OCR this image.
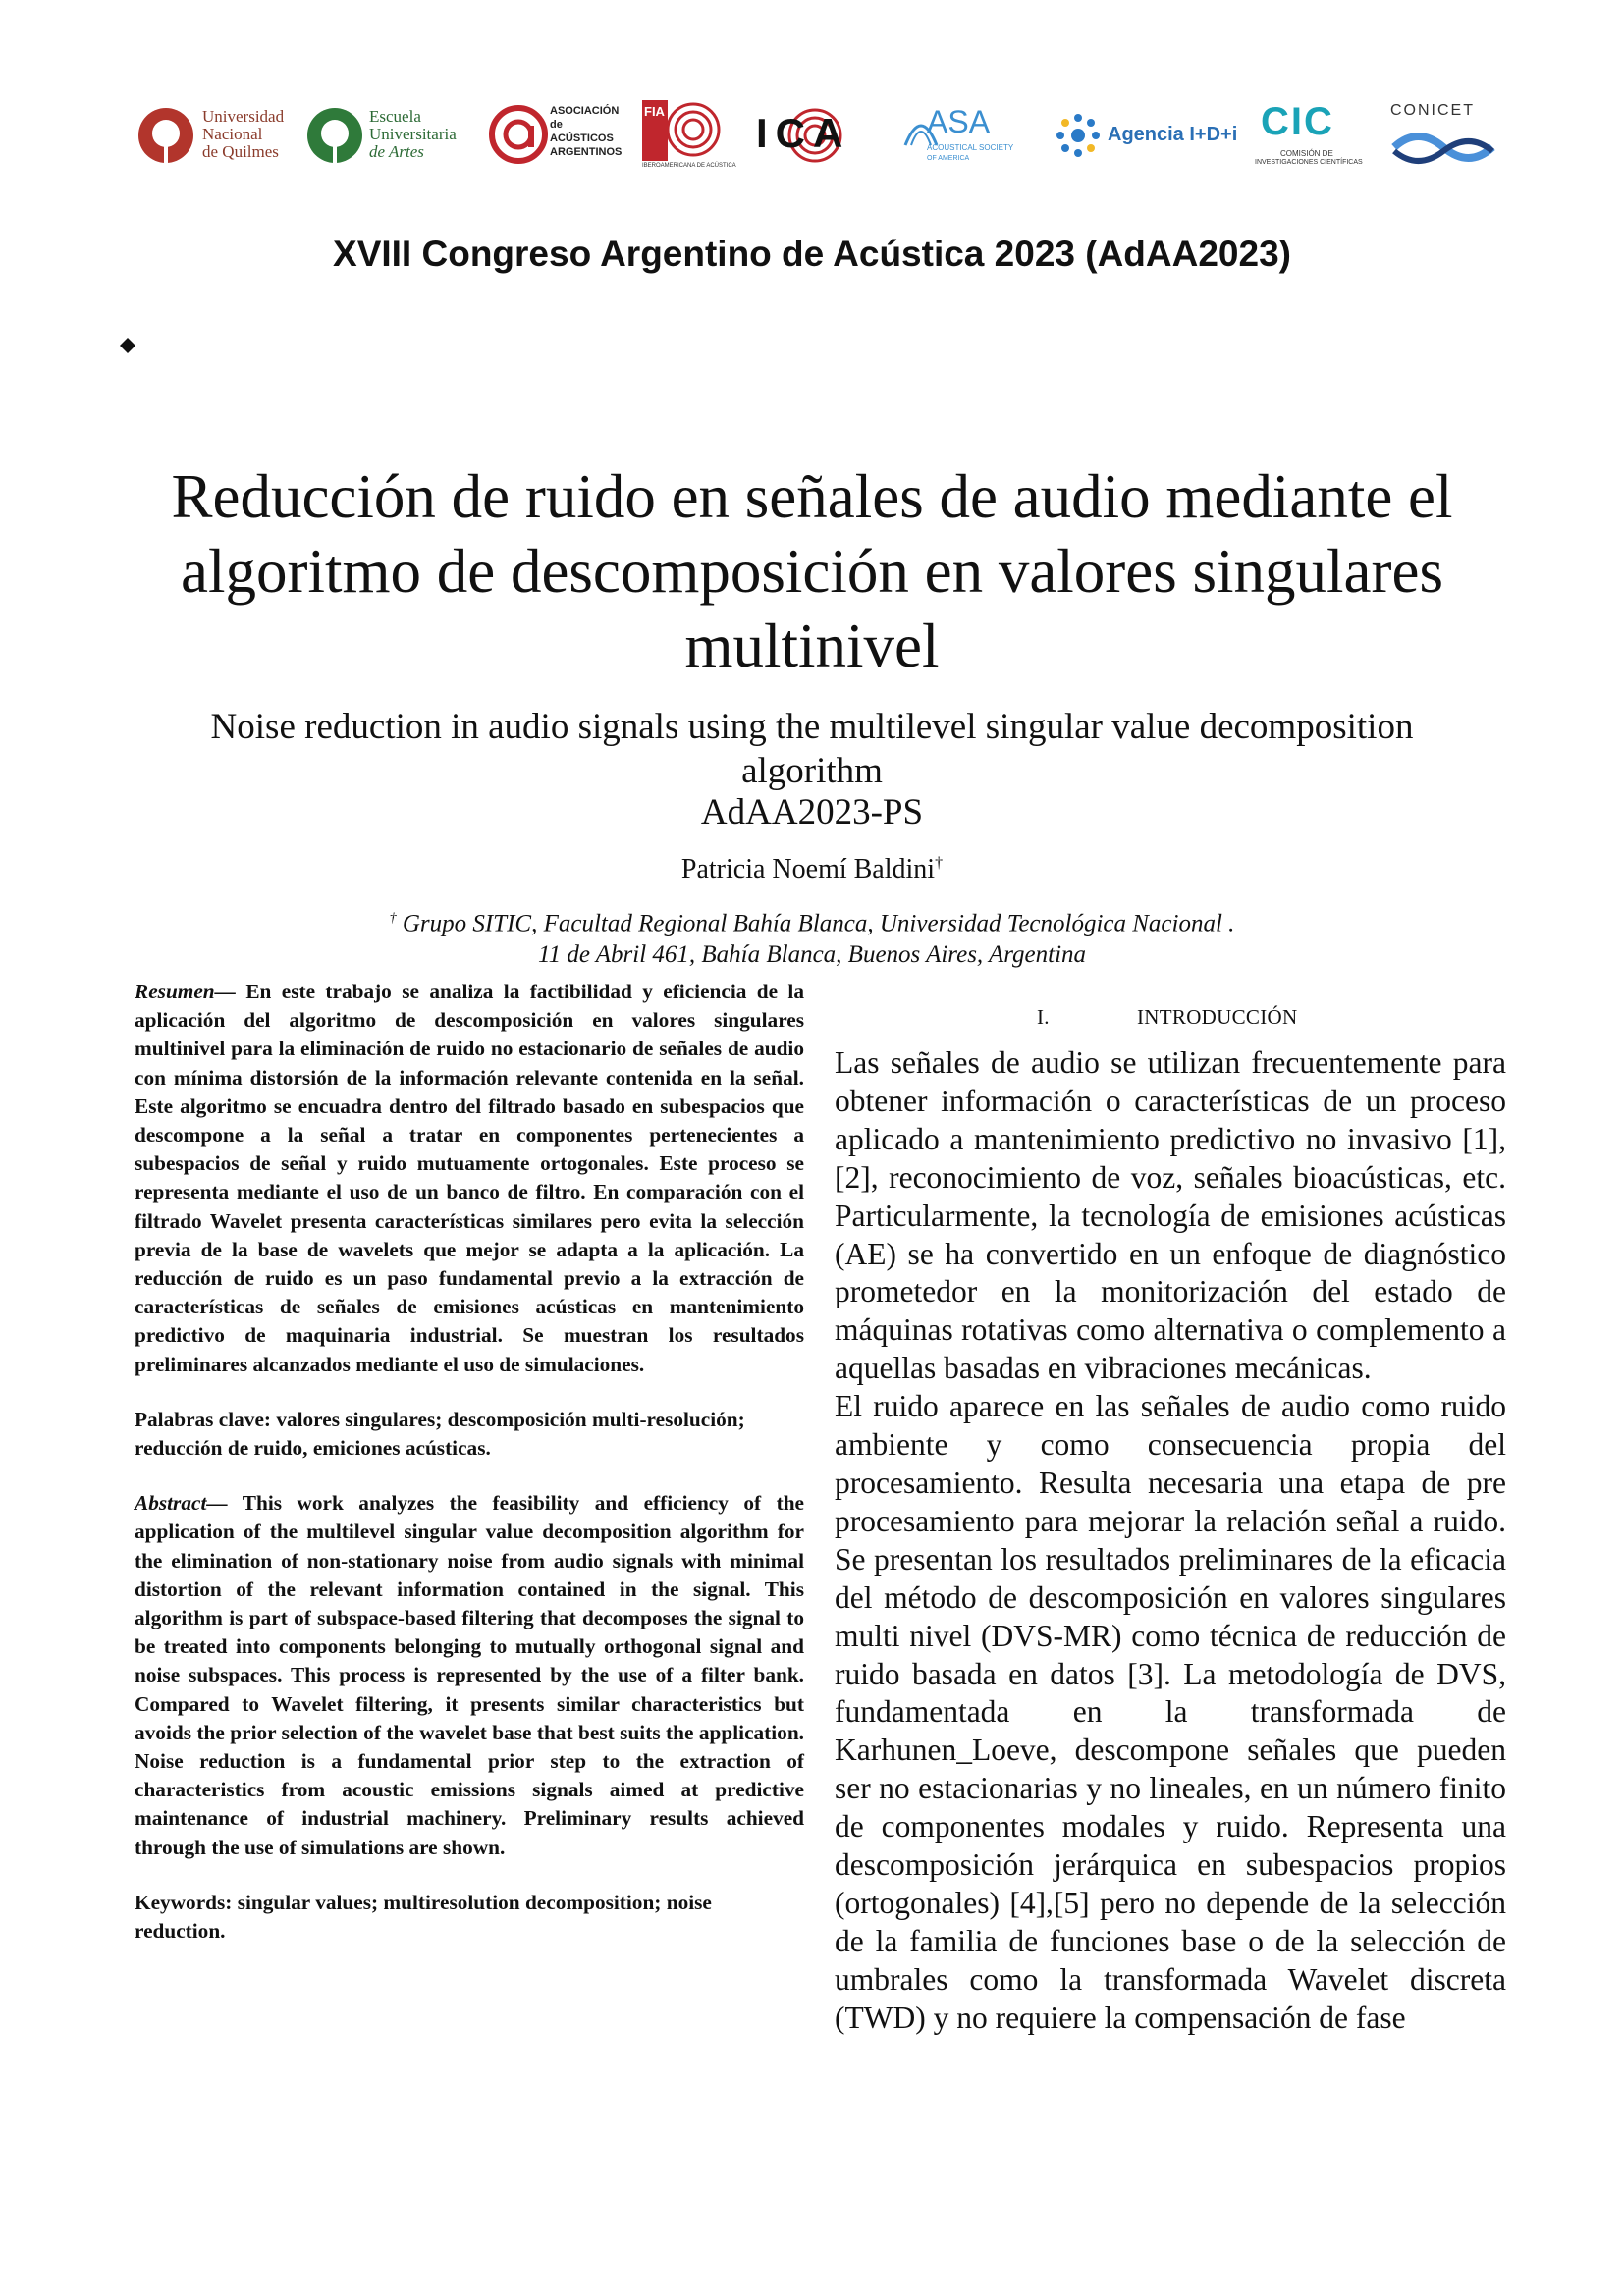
Universidad
Nacional
de Quilmes
Escuela
Universitaria
de Artes
ASOCIACIÓN
de
ACÚSTICOS
ARGENTINOS
FIA
IBEROAMERICANA DE ACÚSTICA
ICA ASA
ACOUSTICAL SOCIETY
OF AMERICA
Agencia I+D+i CIC
COMISIÓN DE
INVESTIGACIONES CIENTÍFICAS
CONICET
XVIII Congreso Argentino de Acústica 2023 (AdAA2023)
Reducción de ruido en señales de audio mediante el
algoritmo de descomposición en valores singulares
multinivel
Noise reduction in audio signals using the multilevel singular value decomposition
algorithm
AdAA2023-PS
Patricia Noemí Baldini†
† Grupo SITIC, Facultad Regional Bahía Blanca, Universidad Tecnológica Nacional .
11 de Abril 461, Bahía Blanca, Buenos Aires, Argentina

Resumen— En este trabajo se analiza la factibilidad y eficiencia de la aplicación del algoritmo de descomposición en valores singulares multinivel para la eliminación de ruido no estacionario de señales de audio con mínima distorsión de la información relevante contenida en la señal. Este algoritmo se encuadra dentro del filtrado basado en subespacios que descompone a la señal a tratar en componentes pertenecientes a subespacios de señal y ruido mutuamente ortogonales. Este proceso se representa mediante el uso de un banco de filtro. En comparación con el filtrado Wavelet presenta características similares pero evita la selección previa de la base de wavelets que mejor se adapta a la aplicación. La reducción de ruido es un paso fundamental previo a la extracción de características de señales de emisiones acústicas en mantenimiento predictivo de maquinaria industrial. Se muestran los resultados preliminares alcanzados mediante el uso de simulaciones.

Palabras clave: valores singulares; descomposición multi-resolución; reducción de ruido, emiciones acústicas.

Abstract— This work analyzes the feasibility and efficiency of the application of the multilevel singular value decomposition algorithm for the elimination of non-stationary noise from audio signals with minimal distortion of the relevant information contained in the signal. This algorithm is part of subspace-based filtering that decomposes the signal to be treated into components belonging to mutually orthogonal signal and noise subspaces. This process is represented by the use of a filter bank. Compared to Wavelet filtering, it presents similar characteristics but avoids the prior selection of the wavelet base that best suits the application. Noise reduction is a fundamental prior step to the extraction of characteristics from acoustic emissions signals aimed at predictive maintenance of industrial machinery. Preliminary results achieved through the use of simulations are shown.

Keywords: singular values; multiresolution decomposition; noise reduction.

I.	INTRODUCCIÓN

Las señales de audio se utilizan frecuentemente para obtener información o características de un proceso aplicado a mantenimiento predictivo no invasivo [1],[2], reconocimiento de voz, señales bioacústicas, etc. Particularmente, la tecnología de emisiones acústicas (AE) se ha convertido en un enfoque de diagnóstico prometedor en la monitorización del estado de máquinas rotativas como alternativa o complemento a aquellas basadas en vibraciones mecánicas.

El ruido aparece en las señales de audio como ruido ambiente y como consecuencia propia del procesamiento. Resulta necesaria una etapa de pre procesamiento para mejorar la relación señal a ruido. Se presentan los resultados preliminares de la eficacia del método de descomposición en valores singulares multi nivel (DVS-MR) como técnica de reducción de ruido basada en datos [3]. La metodología de DVS, fundamentada en la transformada de Karhunen_Loeve, descompone señales que pueden ser no estacionarias y no lineales, en un número finito de componentes modales y ruido. Representa una descomposición jerárquica en subespacios propios (ortogonales) [4],[5] pero no depende de la selección de la familia de funciones base o de la selección de umbrales como la transformada Wavelet discreta (TWD) y no requiere la compensación de fase
